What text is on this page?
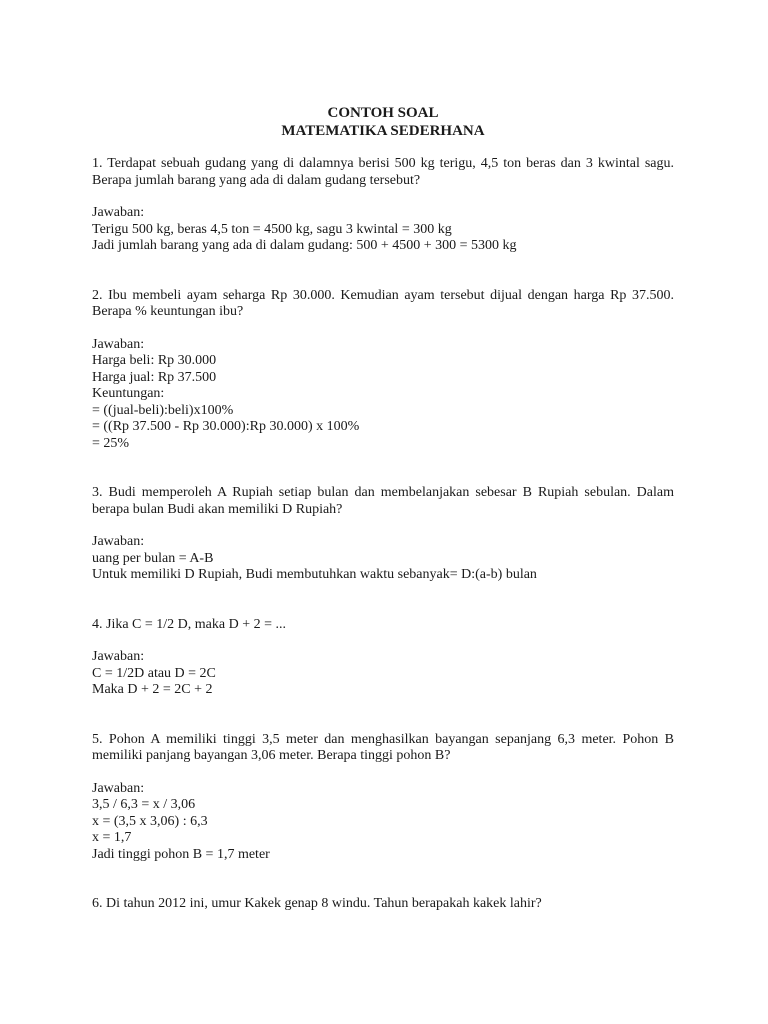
CONTOH SOAL

MATEMATIKA SEDERHANA

1. Terdapat sebuah gudang yang di dalamnya berisi 500 kg terigu, 4,5 ton beras dan 3 kwintal sagu. Berapa jumlah barang yang ada di dalam gudang tersebut?

Jawaban:

Terigu 500 kg, beras 4,5 ton = 4500 kg, sagu 3 kwintal = 300 kg

Jadi jumlah barang yang ada di dalam gudang: 500 + 4500 + 300 = 5300 kg

2. Ibu membeli ayam seharga Rp 30.000. Kemudian ayam tersebut dijual dengan harga Rp 37.500. Berapa % keuntungan ibu?

Jawaban:

Harga beli: Rp 30.000

Harga jual: Rp 37.500

Keuntungan:

= ((jual-beli):beli)x100%

= ((Rp 37.500 - Rp 30.000):Rp 30.000) x 100%

= 25%

3. Budi memperoleh A Rupiah setiap bulan dan membelanjakan sebesar B Rupiah sebulan. Dalam berapa bulan Budi akan memiliki D Rupiah?

Jawaban:

uang per bulan = A-B

Untuk memiliki D Rupiah, Budi membutuhkan waktu sebanyak= D:(a-b) bulan

4. Jika C = 1/2 D, maka D + 2 = ...

Jawaban:

C = 1/2D atau D = 2C

Maka D + 2 = 2C + 2

5. Pohon A memiliki tinggi 3,5 meter dan menghasilkan bayangan sepanjang 6,3 meter. Pohon B memiliki panjang bayangan 3,06 meter. Berapa tinggi pohon B?

Jawaban:

3,5 / 6,3 = x / 3,06

x = (3,5 x 3,06) : 6,3

x = 1,7

Jadi tinggi pohon B = 1,7 meter

6. Di tahun 2012 ini, umur Kakek genap 8 windu. Tahun berapakah kakek lahir?
